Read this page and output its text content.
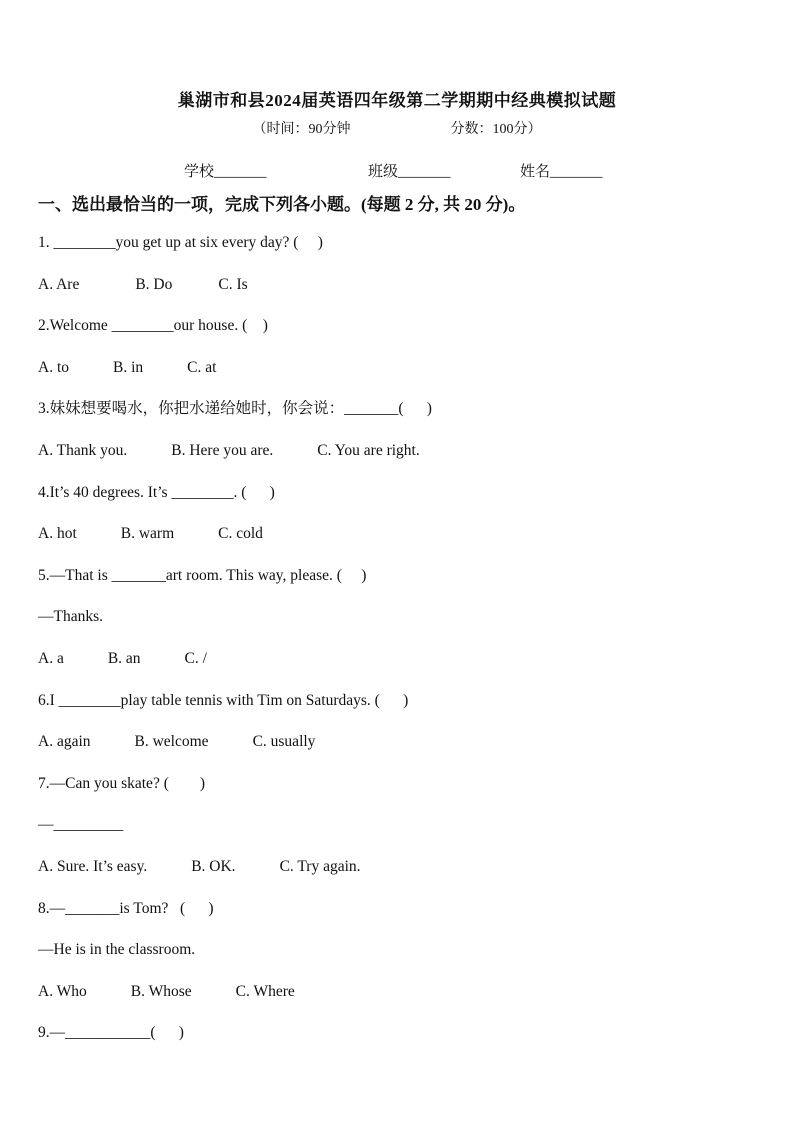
巢湖市和县2024届英语四年级第二学期期中经典模拟试题
（时间：90分钟	分数：100分）
学校_______	班级_______	姓名_______
一、选出最恰当的一项，完成下列各小题。(每题 2 分, 共 20 分)。
1. ________you get up at six every day? (     )
A. Are	B. Do	C. Is
2.Welcome ________our house. (    )
A. to	B. in	C. at
3.妹妹想要喝水，你把水递给她时，你会说：_______(      )
A. Thank you.	B. Here you are.	C. You are right.
4.It’s 40 degrees. It’s ________. (      )
A. hot	B. warm	C. cold
5.—That is _______art room. This way, please. (     )
—Thanks.
A. a	B. an	C. /
6.I ________play table tennis with Tim on Saturdays. (      )
A. again	B. welcome	C. usually
7.—Can you skate? (        )
—_________
A. Sure. It’s easy.	B. OK.	C. Try again.
8.—_______is Tom?   (      )
—He is in the classroom.
A. Who	B. Whose	C. Where
9.—___________(      )
